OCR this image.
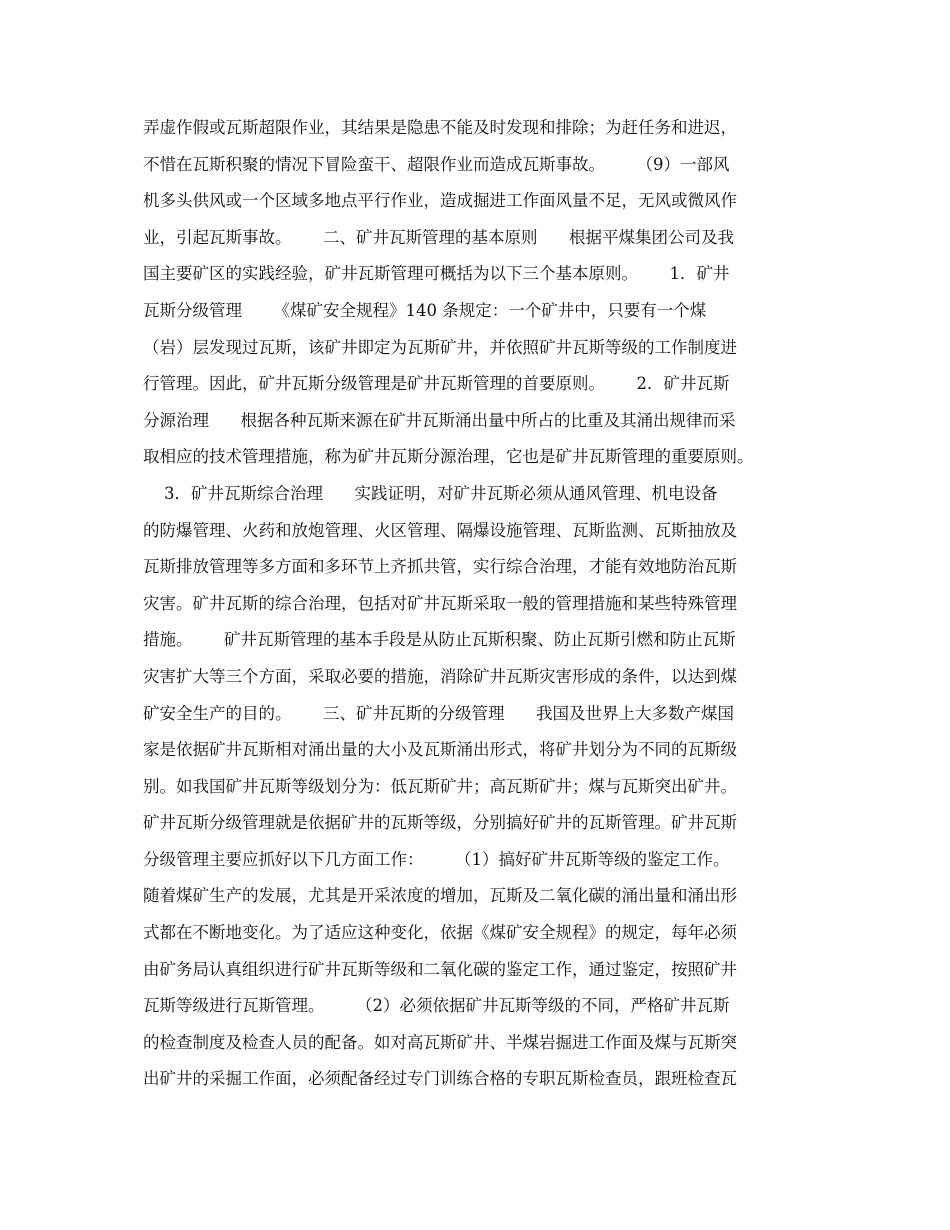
弄虚作假或瓦斯超限作业，其结果是隐患不能及时发现和排除；为赶任务和进迟，
不惜在瓦斯积聚的情况下冒险蛮干、超限作业而造成瓦斯事故。      （9）一部风
机多头供风或一个区域多地点平行作业，造成掘进工作面风量不足，无风或微风作
业，引起瓦斯事故。      二、矿井瓦斯管理的基本原则      根据平煤集团公司及我
国主要矿区的实践经验，矿井瓦斯管理可概括为以下三个基本原则。      1．矿井
瓦斯分级管理      《煤矿安全规程》140 条规定：一个矿井中，只要有一个煤
（岩）层发现过瓦斯，该矿井即定为瓦斯矿井，并依照矿井瓦斯等级的工作制度进
行管理。因此，矿井瓦斯分级管理是矿井瓦斯管理的首要原则。      2．矿井瓦斯
分源治理      根据各种瓦斯来源在矿井瓦斯涌出量中所占的比重及其涌出规律而采
取相应的技术管理措施，称为矿井瓦斯分源治理，它也是矿井瓦斯管理的重要原则。
3．矿井瓦斯综合治理      实践证明，对矿井瓦斯必须从通风管理、机电设备
的防爆管理、火药和放炮管理、火区管理、隔爆设施管理、瓦斯监测、瓦斯抽放及
瓦斯排放管理等多方面和多环节上齐抓共管，实行综合治理，才能有效地防治瓦斯
灾害。矿井瓦斯的综合治理，包括对矿井瓦斯采取一般的管理措施和某些特殊管理
措施。      矿井瓦斯管理的基本手段是从防止瓦斯积聚、防止瓦斯引燃和防止瓦斯
灾害扩大等三个方面，采取必要的措施，消除矿井瓦斯灾害形成的条件，以达到煤
矿安全生产的目的。      三、矿井瓦斯的分级管理      我国及世界上大多数产煤国
家是依据矿井瓦斯相对涌出量的大小及瓦斯涌出形式，将矿井划分为不同的瓦斯级
别。如我国矿井瓦斯等级划分为：低瓦斯矿井；高瓦斯矿井；煤与瓦斯突出矿井。
矿井瓦斯分级管理就是依据矿井的瓦斯等级，分别搞好矿井的瓦斯管理。矿井瓦斯
分级管理主要应抓好以下几方面工作：      （1）搞好矿井瓦斯等级的鉴定工作。
随着煤矿生产的发展，尤其是开采浓度的增加，瓦斯及二氧化碳的涌出量和涌出形
式都在不断地变化。为了适应这种变化，依据《煤矿安全规程》的规定，每年必须
由矿务局认真组织进行矿井瓦斯等级和二氧化碳的鉴定工作，通过鉴定，按照矿井
瓦斯等级进行瓦斯管理。      （2）必须依据矿井瓦斯等级的不同，严格矿井瓦斯
的检查制度及检查人员的配备。如对高瓦斯矿井、半煤岩掘进工作面及煤与瓦斯突
出矿井的采掘工作面，必须配备经过专门训练合格的专职瓦斯检查员，跟班检查瓦
